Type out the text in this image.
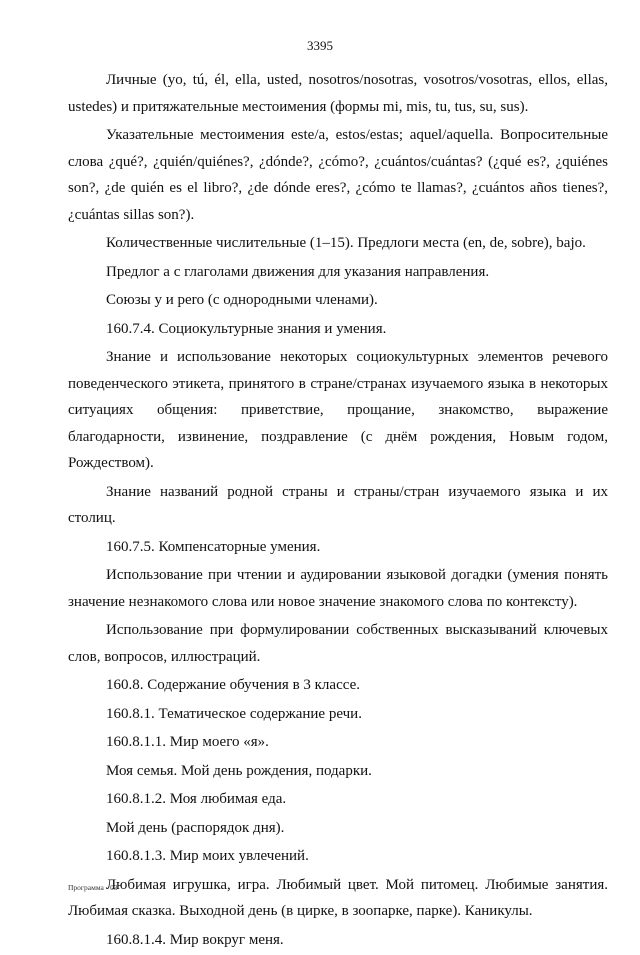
3395

Личные (yo, tú, él, ella, usted, nosotros/nosotras, vosotros/vosotras, ellos, ellas, ustedes) и притяжательные местоимения (формы mi, mis, tu, tus, su, sus).

Указательные местоимения este/a, estos/estas; aquel/aquella. Вопросительные слова ¿qué?, ¿quién/quiénes?, ¿dónde?, ¿cómo?, ¿cuántos/cuántas? (¿qué es?, ¿quiénes son?, ¿de quién es el libro?, ¿de dónde eres?, ¿cómo te llamas?, ¿cuántos años tienes?, ¿cuántas sillas son?).

Количественные числительные (1–15). Предлоги места (en, de, sobre), bajo.

Предлог a с глаголами движения для указания направления.

Союзы y и pero (с однородными членами).

160.7.4. Социокультурные знания и умения.

Знание и использование некоторых социокультурных элементов речевого поведенческого этикета, принятого в стране/странах изучаемого языка в некоторых ситуациях общения: приветствие, прощание, знакомство, выражение благодарности, извинение, поздравление (с днём рождения, Новым годом, Рождеством).

Знание названий родной страны и страны/стран изучаемого языка и их столиц.

160.7.5. Компенсаторные умения.

Использование при чтении и аудировании языковой догадки (умения понять значение незнакомого слова или новое значение знакомого слова по контексту).

Использование при формулировании собственных высказываний ключевых слов, вопросов, иллюстраций.

160.8. Содержание обучения в 3 классе.

160.8.1. Тематическое содержание речи.

160.8.1.1. Мир моего «я».

Моя семья. Мой день рождения, подарки.

160.8.1.2. Моя любимая еда.

Мой день (распорядок дня).

160.8.1.3. Мир моих увлечений.

Любимая игрушка, игра. Любимый цвет. Мой питомец. Любимые занятия. Любимая сказка. Выходной день (в цирке, в зоопарке, парке). Каникулы.

160.8.1.4. Мир вокруг меня.

Программа - 03
